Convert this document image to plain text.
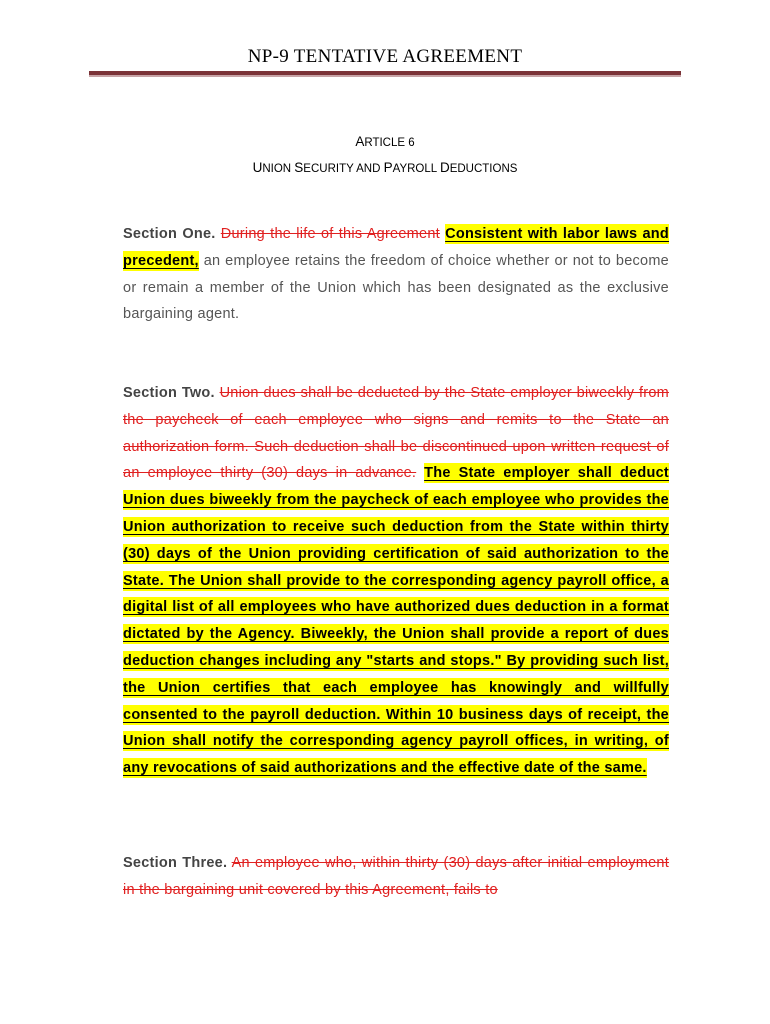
NP-9 TENTATIVE AGREEMENT
ARTICLE 6
UNION SECURITY AND PAYROLL DEDUCTIONS
Section One. During the life of this Agreement Consistent with labor laws and precedent, an employee retains the freedom of choice whether or not to become or remain a member of the Union which has been designated as the exclusive bargaining agent.
Section Two. Union dues shall be deducted by the State employer biweekly from the paycheck of each employee who signs and remits to the State an authorization form. Such deduction shall be discontinued upon written request of an employee thirty (30) days in advance. The State employer shall deduct Union dues biweekly from the paycheck of each employee who provides the Union authorization to receive such deduction from the State within thirty (30) days of the Union providing certification of said authorization to the State. The Union shall provide to the corresponding agency payroll office, a digital list of all employees who have authorized dues deduction in a format dictated by the Agency. Biweekly, the Union shall provide a report of dues deduction changes including any "starts and stops." By providing such list, the Union certifies that each employee has knowingly and willfully consented to the payroll deduction. Within 10 business days of receipt, the Union shall notify the corresponding agency payroll offices, in writing, of any revocations of said authorizations and the effective date of the same.
Section Three. An employee who, within thirty (30) days after initial employment in the bargaining unit covered by this Agreement, fails to
